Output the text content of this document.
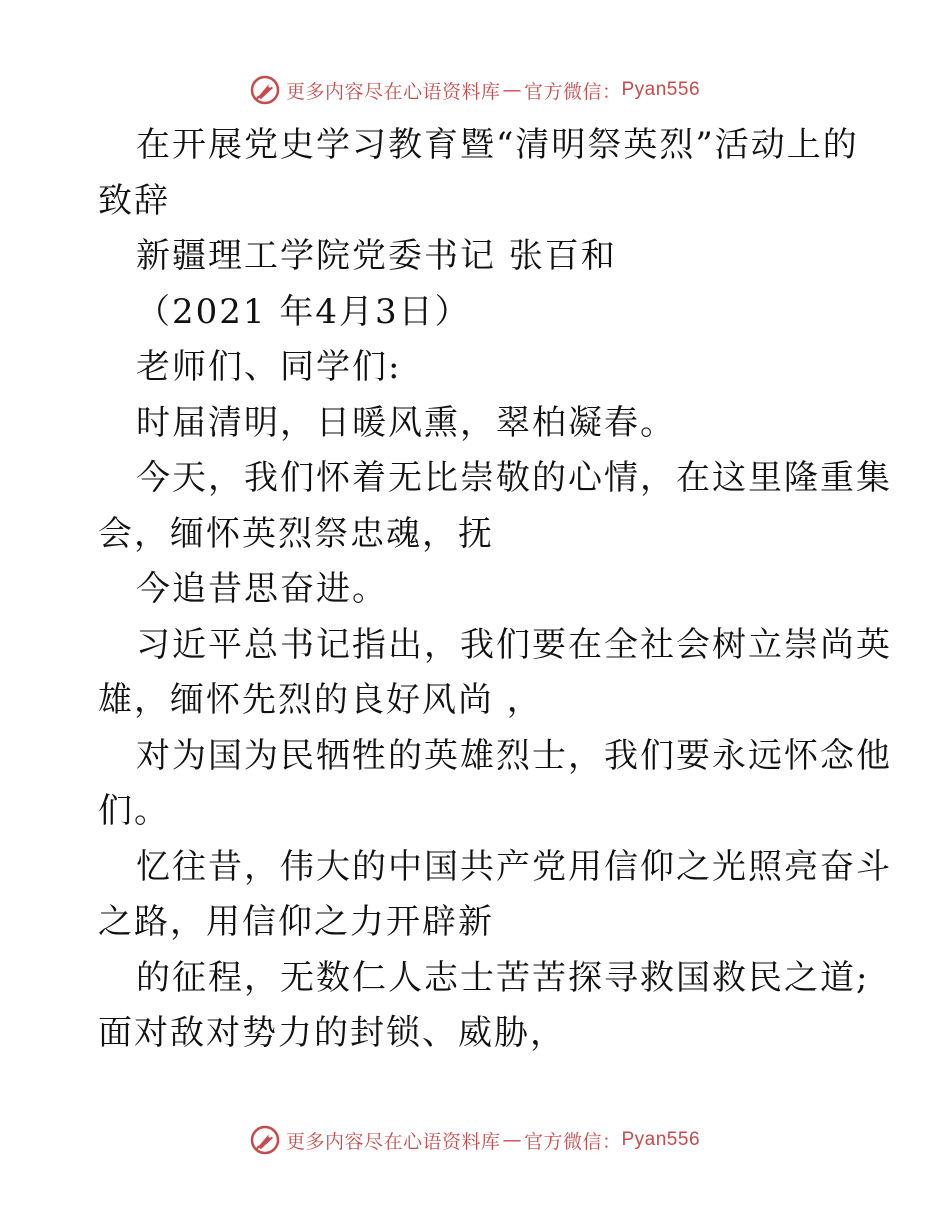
更多内容尽在心语资料库 — 官方微信： Pyan556
在开展党史学习教育暨“清明祭英烈”活动上的
致辞
新疆理工学院党委书记 张百和
（2021 年4月3日）
老师们、同学们:
时届清明，日暖风熏，翠柏凝春。
今天，我们怀着无比崇敬的心情，在这里隆重集
会，缅怀英烈祭忠魂，抚
今追昔思奋进。
习近平总书记指出，我们要在全社会树立崇尚英
雄，缅怀先烈的良好风尚 ，
对为国为民牺牲的英雄烈士，我们要永远怀念他
们。
忆往昔，伟大的中国共产党用信仰之光照亮奋斗
之路，用信仰之力开辟新
的征程，无数仁人志士苦苦探寻救国救民之道;
面对敌对势力的封锁、威胁，
更多内容尽在心语资料库 — 官方微信： Pyan556
